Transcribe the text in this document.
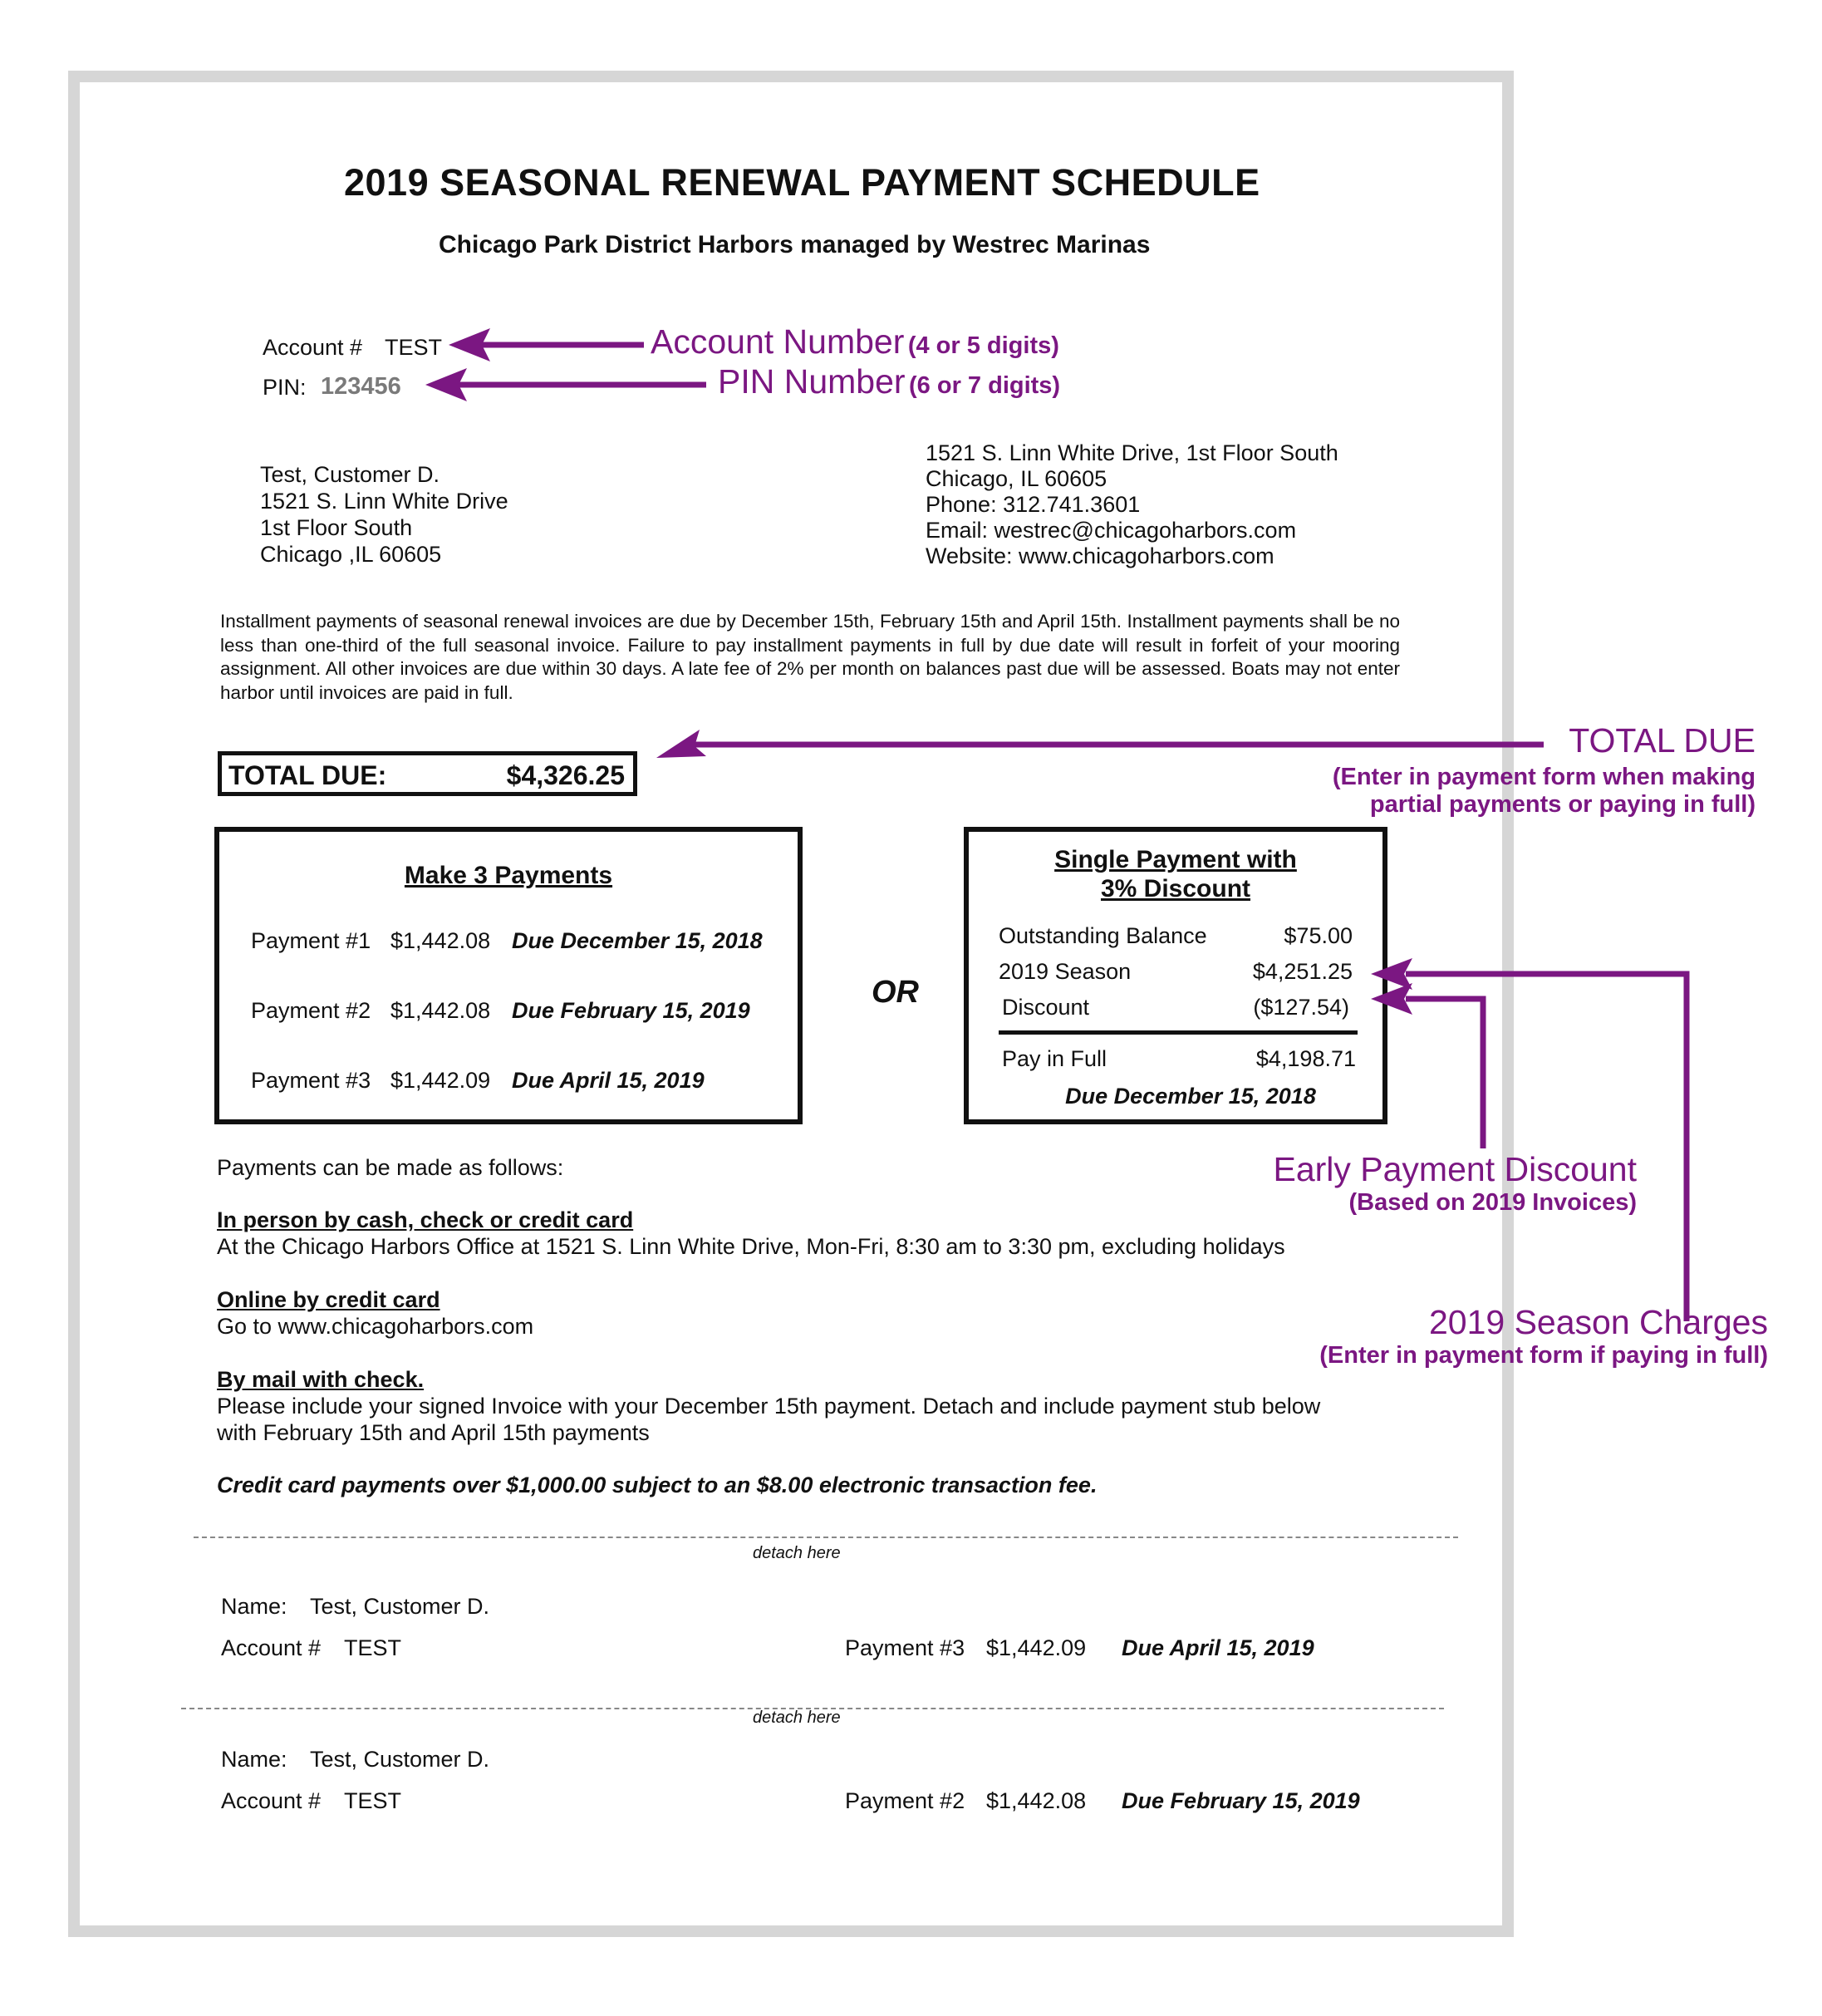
2019 SEASONAL RENEWAL PAYMENT SCHEDULE
Chicago Park District Harbors managed by Westrec Marinas
Account # TEST
PIN: 123456
Test, Customer D.
1521 S. Linn White Drive
1st Floor South
Chicago ,IL 60605
1521 S. Linn White Drive, 1st Floor South
Chicago, IL 60605
Phone: 312.741.3601
Email: westrec@chicagoharbors.com
Website: www.chicagoharbors.com
Installment payments of seasonal renewal invoices are due by December 15th, February 15th and April 15th. Installment payments shall be no less than one-third of the full seasonal invoice. Failure to pay installment payments in full by due date will result in forfeit of your mooring assignment. All other invoices are due within 30 days. A late fee of 2% per month on balances past due will be assessed. Boats may not enter harbor until invoices are paid in full.
TOTAL DUE:	$4,326.25
Make 3 Payments
Payment #1 $1,442.08 Due December 15, 2018
Payment #2 $1,442.08 Due February 15, 2019
Payment #3 $1,442.09 Due April 15, 2019
OR
Single Payment with
3% Discount
Outstanding Balance	$75.00
2019 Season	$4,251.25
Discount	($127.54)
Pay in Full	$4,198.71
Due December 15, 2018
Payments can be made as follows:
In person by cash, check or credit card
At the Chicago Harbors Office at 1521 S. Linn White Drive, Mon-Fri, 8:30 am to 3:30 pm, excluding holidays
Online by credit card
Go to www.chicagoharbors.com
By mail with check.
Please include your signed Invoice with your December 15th payment. Detach and include payment stub below
with February 15th and April 15th payments
Credit card payments over $1,000.00 subject to an $8.00 electronic transaction fee.
detach here
Name: Test, Customer D.
Account # TEST	Payment #3 $1,442.09 Due April 15, 2019
detach here
Name: Test, Customer D.
Account # TEST	Payment #2 $1,442.08 Due February 15, 2019
Account Number (4 or 5 digits)
PIN Number (6 or 7 digits)
TOTAL DUE
(Enter in payment form when making
partial payments or paying in full)
Early Payment Discount
(Based on 2019 Invoices)
2019 Season Charges
(Enter in payment form if paying in full)
